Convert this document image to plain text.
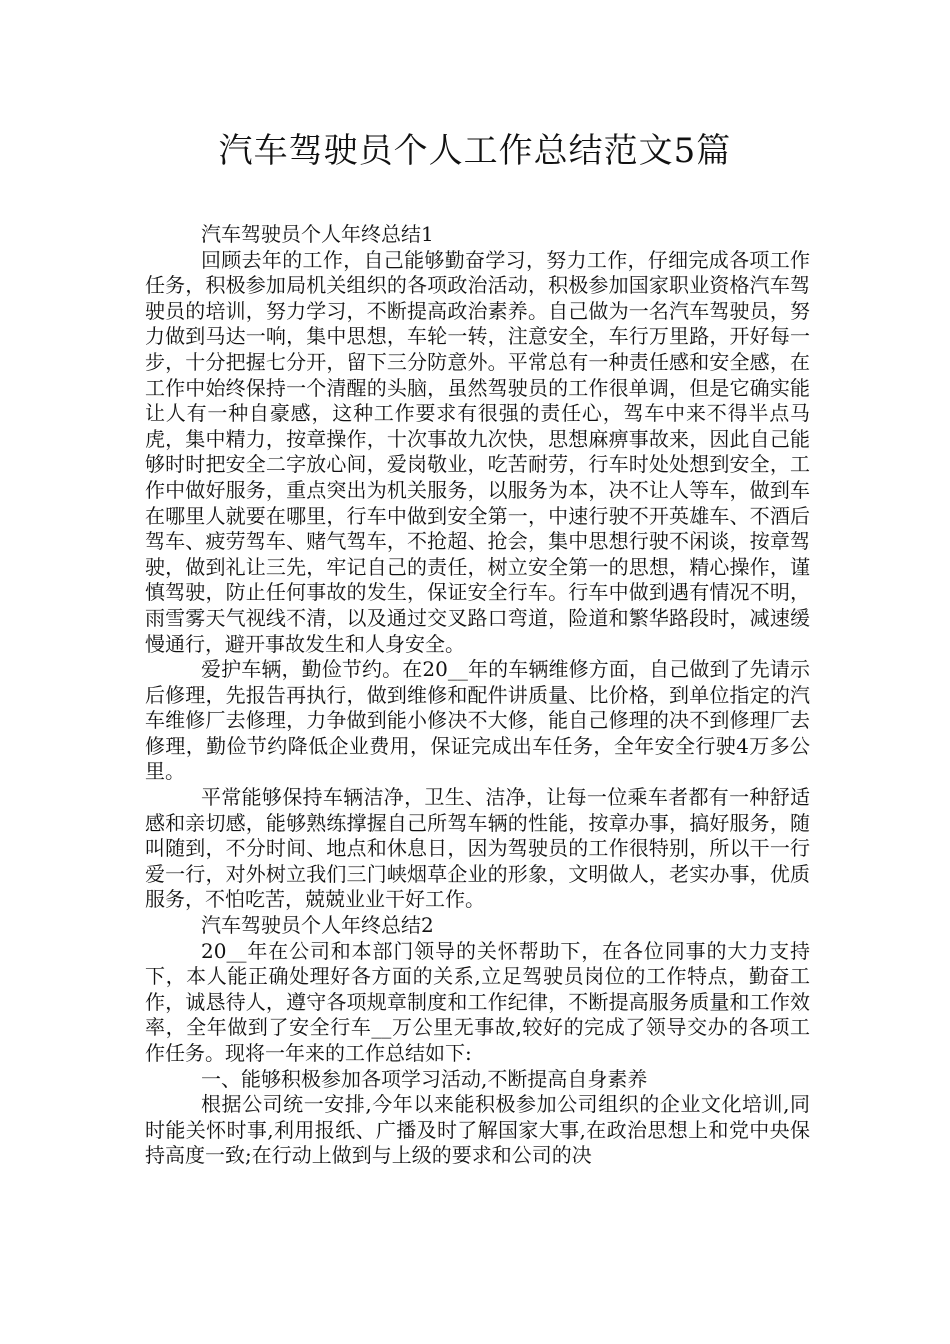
汽车驾驶员个人工作总结范文5篇

汽车驾驶员个人年终总结1

回顾去年的工作，自己能够勤奋学习，努力工作，仔细完成各项工作任务，积极参加局机关组织的各项政治活动，积极参加国家职业资格汽车驾驶员的培训，努力学习，不断提高政治素养。自己做为一名汽车驾驶员，努力做到马达一响，集中思想，车轮一转，注意安全，车行万里路，开好每一步，十分把握七分开，留下三分防意外。平常总有一种责任感和安全感，在工作中始终保持一个清醒的头脑，虽然驾驶员的工作很单调，但是它确实能让人有一种自豪感，这种工作要求有很强的责任心，驾车中来不得半点马虎，集中精力，按章操作，十次事故九次快，思想麻痹事故来，因此自己能够时时把安全二字放心间，爱岗敬业，吃苦耐劳，行车时处处想到安全，工作中做好服务，重点突出为机关服务，以服务为本，决不让人等车，做到车在哪里人就要在哪里，行车中做到安全第一，中速行驶不开英雄车、不酒后驾车、疲劳驾车、赌气驾车，不抢超、抢会，集中思想行驶不闲谈，按章驾驶，做到礼让三先，牢记自己的责任，树立安全第一的思想，精心操作，谨慎驾驶，防止任何事故的发生，保证安全行车。行车中做到遇有情况不明，雨雪雾天气视线不清，以及通过交叉路口弯道，险道和繁华路段时，减速缓慢通行，避开事故发生和人身安全。

爱护车辆，勤俭节约。在20__年的车辆维修方面，自己做到了先请示后修理，先报告再执行，做到维修和配件讲质量、比价格，到单位指定的汽车维修厂去修理，力争做到能小修决不大修，能自己修理的决不到修理厂去修理，勤俭节约降低企业费用，保证完成出车任务，全年安全行驶4万多公里。

平常能够保持车辆洁净，卫生、洁净，让每一位乘车者都有一种舒适感和亲切感，能够熟练撑握自己所驾车辆的性能，按章办事，搞好服务，随叫随到，不分时间、地点和休息日，因为驾驶员的工作很特别，所以干一行爱一行，对外树立我们三门峡烟草企业的形象，文明做人，老实办事，优质服务，不怕吃苦，兢兢业业干好工作。

汽车驾驶员个人年终总结2

20__年在公司和本部门领导的关怀帮助下，在各位同事的大力支持下，本人能正确处理好各方面的关系,立足驾驶员岗位的工作特点，勤奋工作，诚恳待人，遵守各项规章制度和工作纪律，不断提高服务质量和工作效率，全年做到了安全行车__万公里无事故,较好的完成了领导交办的各项工作任务。现将一年来的工作总结如下:

一、能够积极参加各项学习活动,不断提高自身素养

根据公司统一安排,今年以来能积极参加公司组织的企业文化培训,同时能关怀时事,利用报纸、广播及时了解国家大事,在政治思想上和党中央保持高度一致;在行动上做到与上级的要求和公司的决
